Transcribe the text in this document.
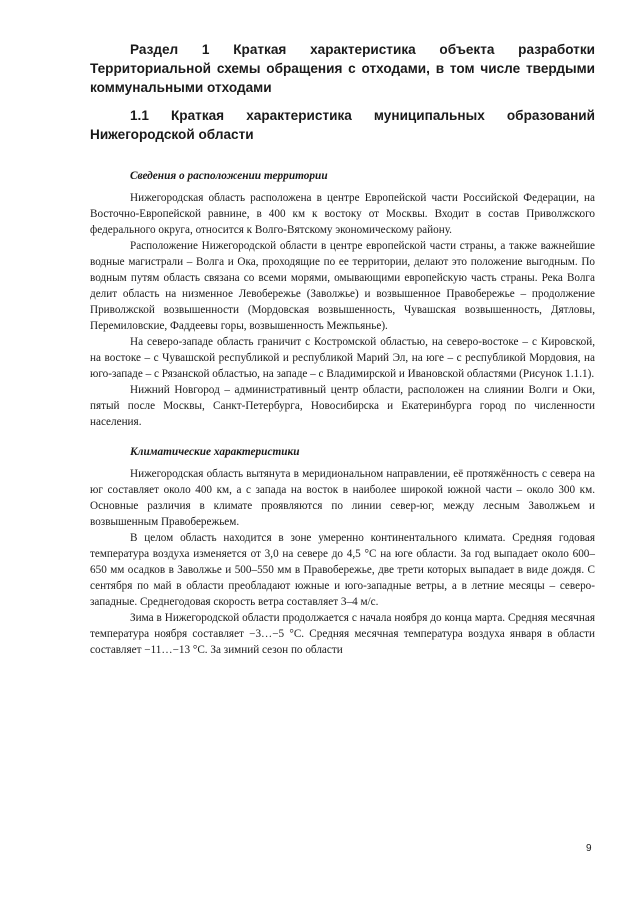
Раздел 1 Краткая характеристика объекта разработки Территориальной схемы обращения с отходами, в том числе твердыми коммунальными отходами
1.1 Краткая характеристика муниципальных образований Нижегородской области
Сведения о расположении территории

Нижегородская область расположена в центре Европейской части Российской Федерации, на Восточно-Европейской равнине, в 400 км к востоку от Москвы. Входит в состав Приволжского федерального округа, относится к Волго-Вятскому экономическому району.

Расположение Нижегородской области в центре европейской части страны, а также важнейшие водные магистрали – Волга и Ока, проходящие по ее территории, делают это положение выгодным. По водным путям область связана со всеми морями, омывающими европейскую часть страны. Река Волга делит область на низменное Левобережье (Заволжье) и возвышенное Правобережье – продолжение Приволжской возвышенности (Мордовская возвышенность, Чувашская возвышенность, Дятловы, Перемиловские, Фаддеевы горы, возвышенность Межпьянье).

На северо-западе область граничит с Костромской областью, на северо-востоке – с Кировской, на востоке – с Чувашской республикой и республикой Марий Эл, на юге – с республикой Мордовия, на юго-западе – с Рязанской областью, на западе – с Владимирской и Ивановской областями (Рисунок 1.1.1).

Нижний Новгород – административный центр области, расположен на слиянии Волги и Оки, пятый после Москвы, Санкт-Петербурга, Новосибирска и Екатеринбурга город по численности населения.

Климатические характеристики

Нижегородская область вытянута в меридиональном направлении, её протяжённость с севера на юг составляет около 400 км, а с запада на восток в наиболее широкой южной части – около 300 км. Основные различия в климате проявляются по линии север-юг, между лесным Заволжьем и возвышенным Правобережьем.

В целом область находится в зоне умеренно континентального климата. Средняя годовая температура воздуха изменяется от 3,0 на севере до 4,5 °C на юге области. За год выпадает около 600–650 мм осадков в Заволжье и 500–550 мм в Правобережье, две трети которых выпадает в виде дождя. С сентября по май в области преобладают южные и юго-западные ветры, а в летние месяцы – северо-западные. Среднегодовая скорость ветра составляет 3–4 м/с.

Зима в Нижегородской области продолжается с начала ноября до конца марта. Средняя месячная температура ноября составляет −3…−5 °C. Средняя месячная температура воздуха января в области составляет −11…−13 °C. За зимний сезон по области

9
